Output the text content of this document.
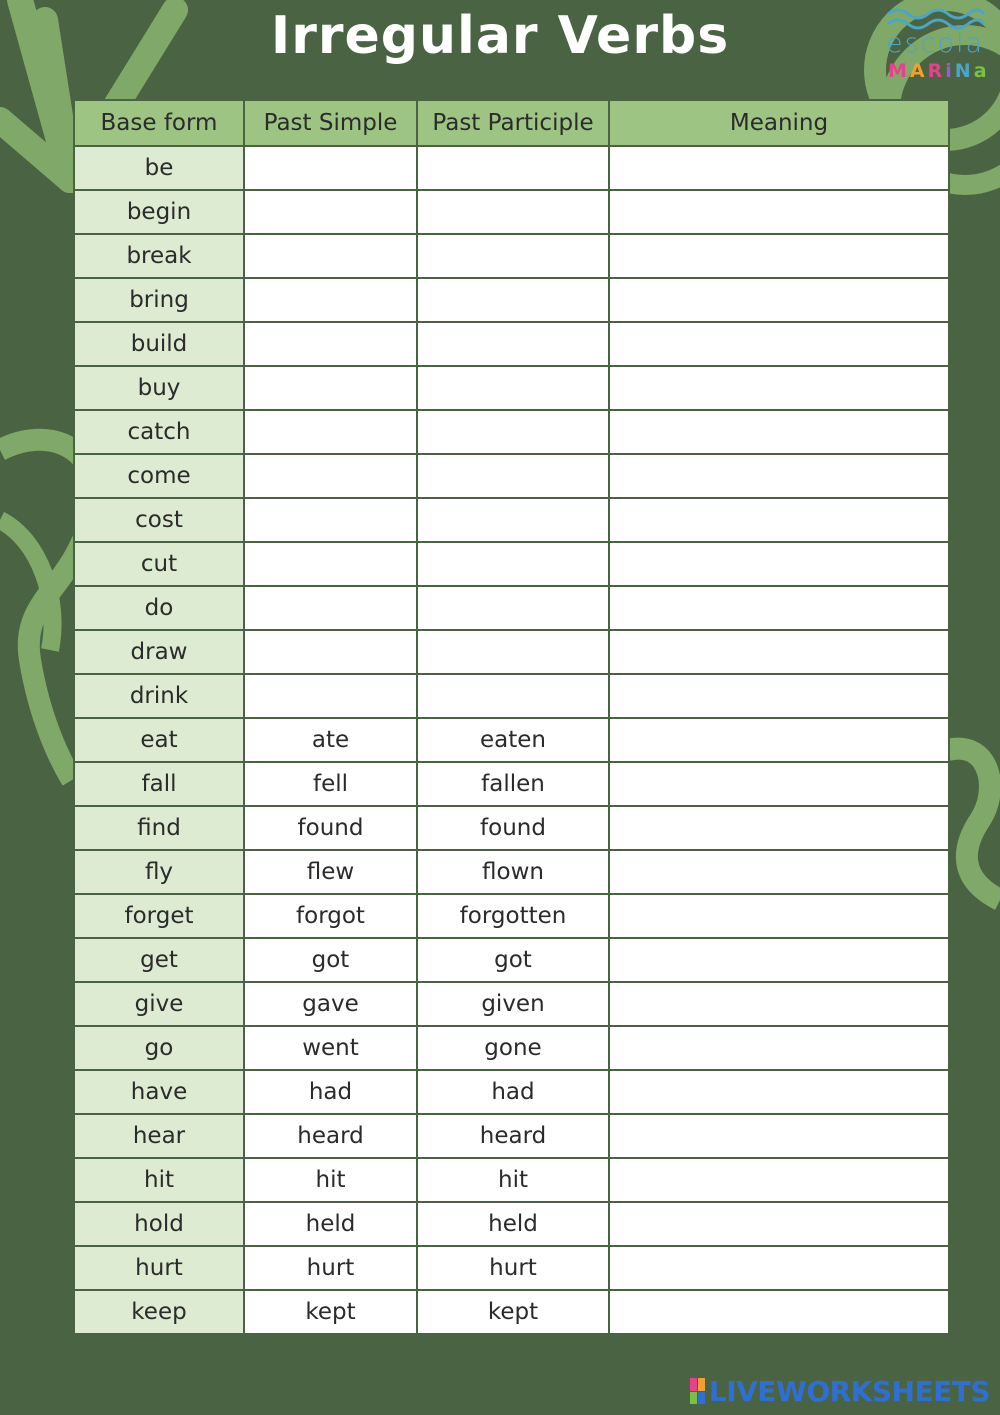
Irregular Verbs	escola
MARiNa
Base form	Past Simple	Past Participle	Meaning
be			
begin			
break			
bring			
build			
buy			
catch			
come			
cost			
cut			
do			
draw			
drink			
eat	ate	eaten	
fall	fell	fallen	
find	found	found	
fly	flew	flown	
forget	forgot	forgotten	
get	got	got	
give	gave	given	
go	went	gone	
have	had	had	
hear	heard	heard	
hit	hit	hit	
hold	held	held	
hurt	hurt	hurt	
keep	kept	kept	
LIVEWORKSHEETS
